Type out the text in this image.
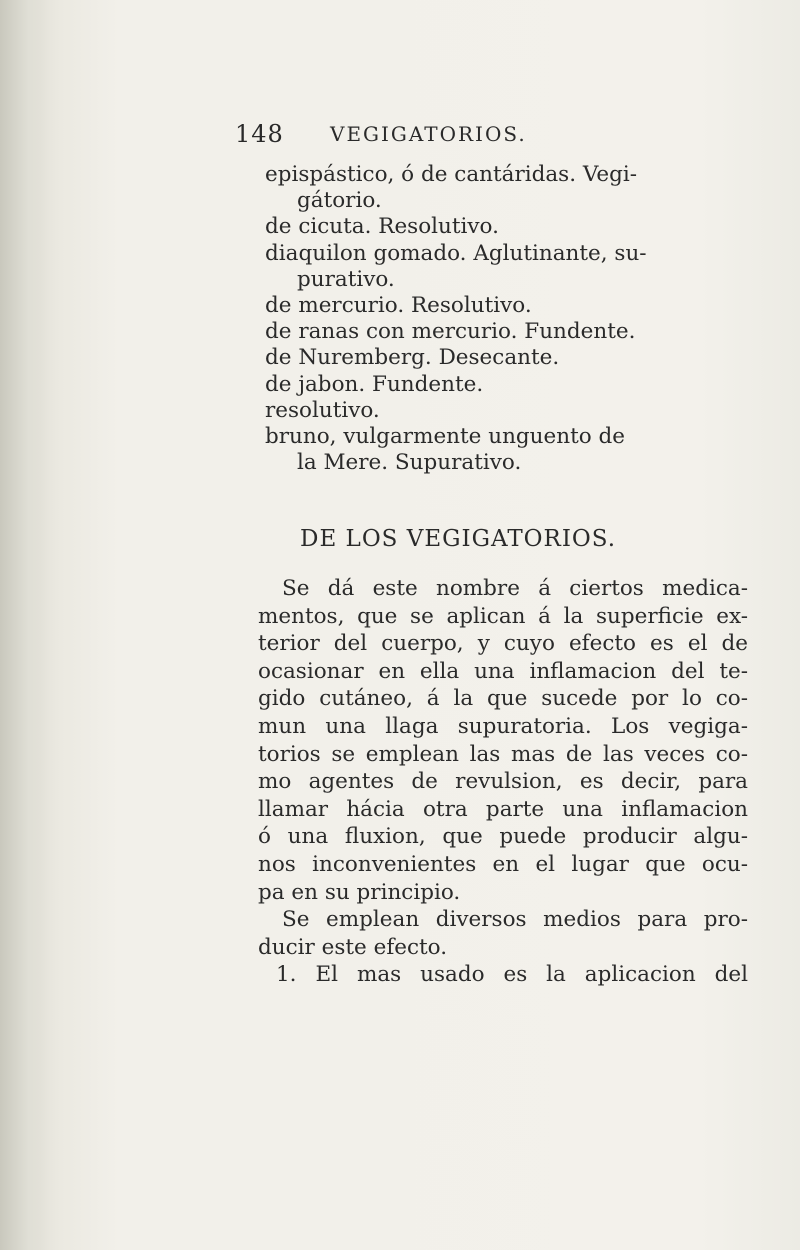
148 VEGIGATORIOS.
epispástico, ó de cantáridas. Vegi-
gátorio.
de cicuta. Resolutivo.
diaquilon gomado. Aglutinante, su-
purativo.
de mercurio. Resolutivo.
de ranas con mercurio. Fundente.
de Nuremberg. Desecante.
de jabon. Fundente.
resolutivo.
bruno, vulgarmente unguento de
la Mere. Supurativo.
DE LOS VEGIGATORIOS.
Se dá este nombre á ciertos medica-
mentos, que se aplican á la superficie ex-
terior del cuerpo, y cuyo efecto es el de
ocasionar en ella una inflamacion del te-
gido cutáneo, á la que sucede por lo co-
mun una llaga supuratoria. Los vegiga-
torios se emplean las mas de las veces co-
mo agentes de revulsion, es decir, para
llamar hácia otra parte una inflamacion
ó una fluxion, que puede producir algu-
nos inconvenientes en el lugar que ocu-
pa en su principio.
Se emplean diversos medios para pro-
ducir este efecto.
1. El mas usado es la aplicacion del
